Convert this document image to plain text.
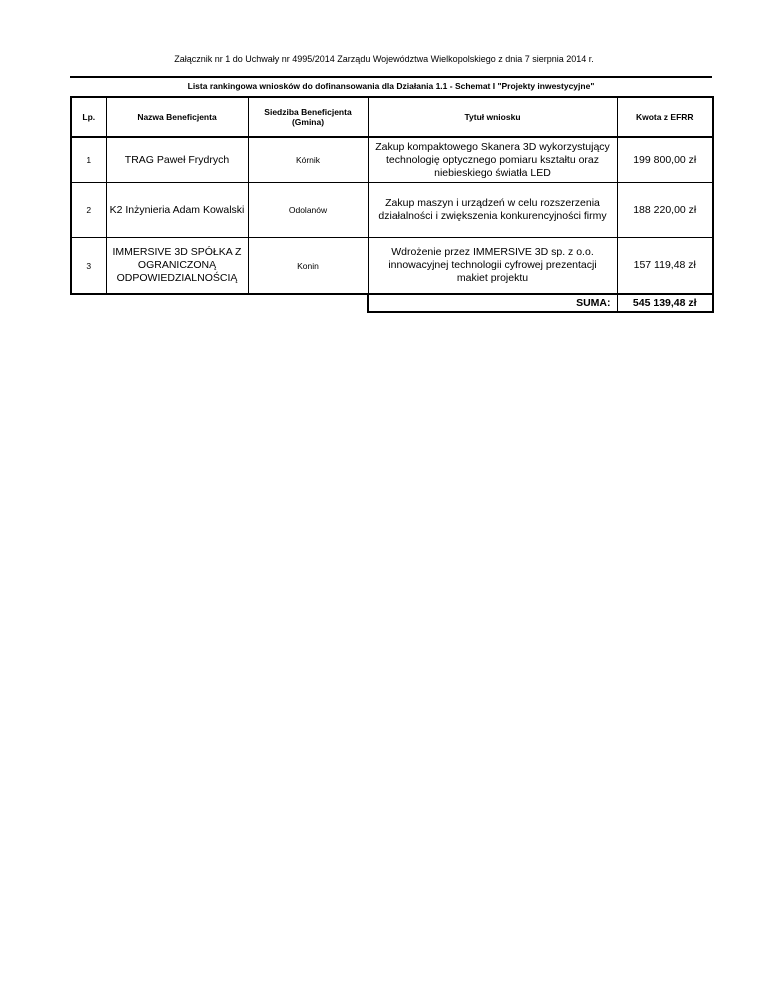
Załącznik nr 1 do Uchwały nr 4995/2014 Zarządu Województwa Wielkopolskiego z dnia 7 sierpnia 2014 r.
Lista rankingowa wniosków do dofinansowania dla Działania 1.1 - Schemat I "Projekty inwestycyjne"
Lp.	Nazwa Beneficjenta	Siedziba Beneficjenta (Gmina)	Tytuł wniosku	Kwota z EFRR
1	TRAG Paweł Frydrych	Kórnik	Zakup kompaktowego Skanera 3D wykorzystujący technologię optycznego pomiaru kształtu oraz niebieskiego światła LED	199 800,00 zł
2	K2 Inżynieria Adam Kowalski	Odolanów	Zakup maszyn i urządzeń w celu rozszerzenia działalności i zwiększenia konkurencyjności firmy	188 220,00 zł
3	IMMERSIVE 3D SPÓŁKA Z OGRANICZONĄ ODPOWIEDZIALNOŚCIĄ	Konin	Wdrożenie przez IMMERSIVE 3D sp. z o.o. innowacyjnej technologii cyfrowej prezentacji makiet projektu	157 119,48 zł
			SUMA:	545 139,48 zł
